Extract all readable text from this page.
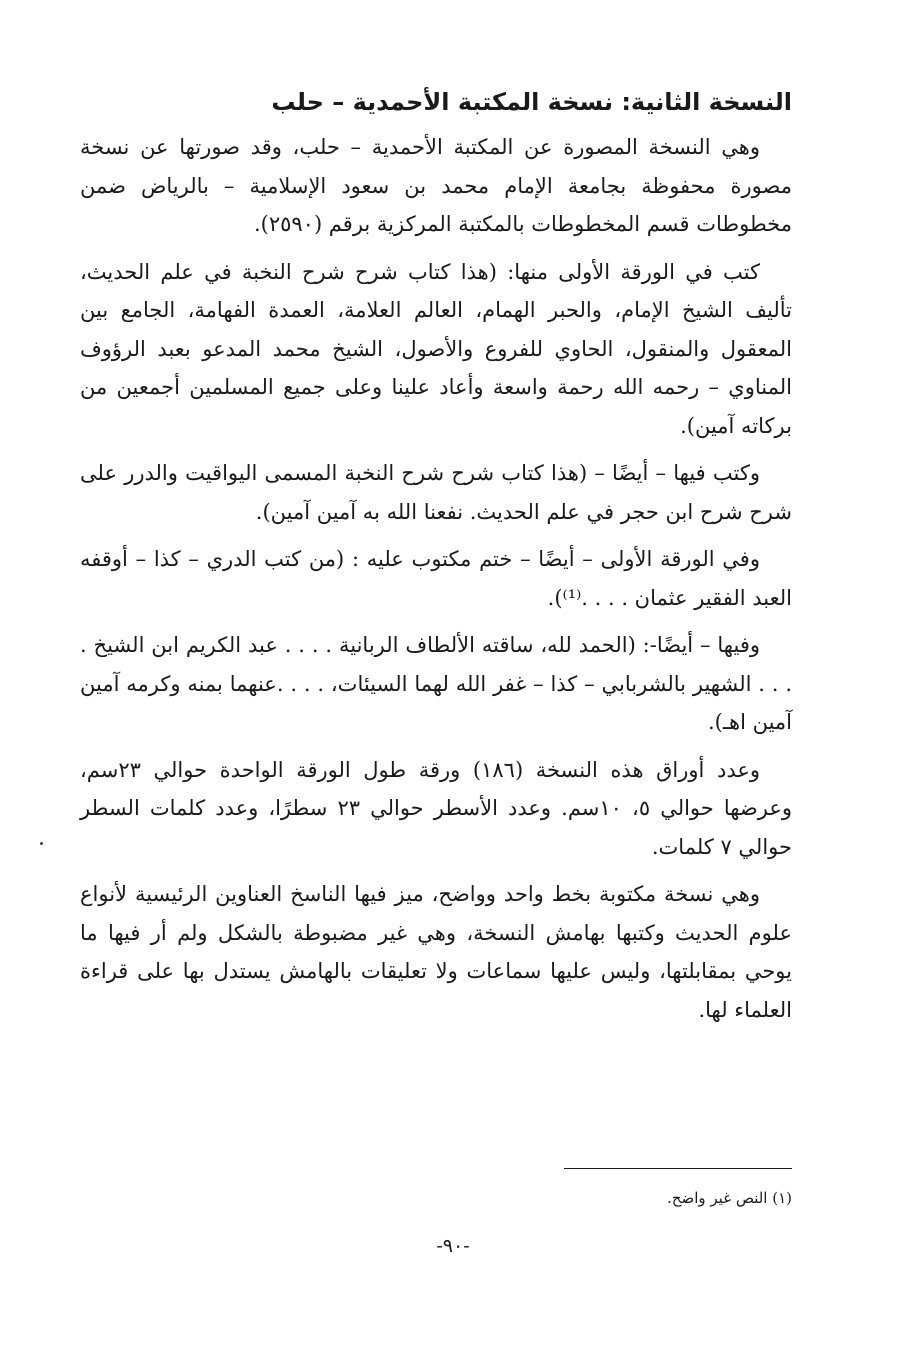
النسخة الثانية: نسخة المكتبة الأحمدية – حلب

وهي النسخة المصورة عن المكتبة الأحمدية – حلب، وقد صورتها عن نسخة مصورة محفوظة بجامعة الإمام محمد بن سعود الإسلامية – بالرياض ضمن مخطوطات قسم المخطوطات بالمكتبة المركزية برقم (٢٥٩٠).

كتب في الورقة الأولى منها: (هذا كتاب شرح شرح النخبة في علم الحديث، تأليف الشيخ الإمام، والحبر الهمام، العالم العلامة، العمدة الفهامة، الجامع بين المعقول والمنقول، الحاوي للفروع والأصول، الشيخ محمد المدعو بعبد الرؤوف المناوي – رحمه الله رحمة واسعة وأعاد علينا وعلى جميع المسلمين أجمعين من بركاته آمين).

وكتب فيها – أيضًا – (هذا كتاب شرح شرح النخبة المسمى اليواقيت والدرر على شرح شرح ابن حجر في علم الحديث. نفعنا الله به آمين آمين).

وفي الورقة الأولى – أيضًا – ختم مكتوب عليه : (من كتب الدري – كذا – أوقفه العبد الفقير عثمان . . . .⁽¹⁾).

وفيها – أيضًا-: (الحمد لله، ساقته الألطاف الربانية . . . . عبد الكريم ابن الشيخ . . . . الشهير بالشربابي – كذا – غفر الله لهما السيئات، . . . .عنهما بمنه وكرمه آمين آمين اهـ).

وعدد أوراق هذه النسخة (١٨٦) ورقة طول الورقة الواحدة حوالي ٢٣سم، وعرضها حوالي ٥، ١٠سم. وعدد الأسطر حوالي ٢٣ سطرًا، وعدد كلمات السطر حوالي ٧ كلمات.

وهي نسخة مكتوبة بخط واحد وواضح، ميز فيها الناسخ العناوين الرئيسية لأنواع علوم الحديث وكتبها بهامش النسخة، وهي غير مضبوطة بالشكل ولم أر فيها ما يوحي بمقابلتها، وليس عليها سماعات ولا تعليقات بالهامش يستدل بها على قراءة العلماء لها.

(١) النص غير واضح.
-٩٠-
